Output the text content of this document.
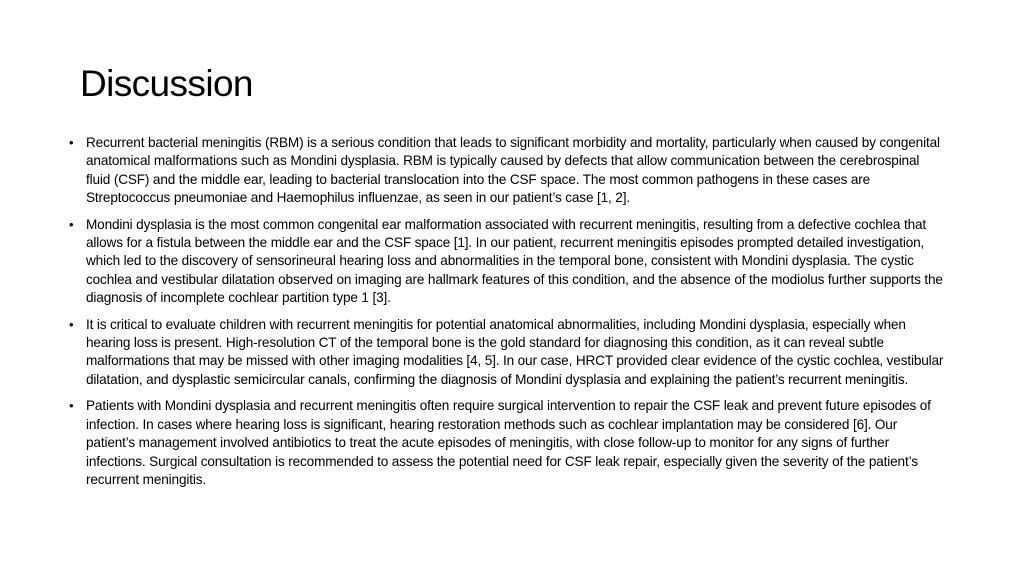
Discussion
• Recurrent bacterial meningitis (RBM) is a serious condition that leads to significant morbidity and mortality, particularly when caused by congenital anatomical malformations such as Mondini dysplasia. RBM is typically caused by defects that allow communication between the cerebrospinal fluid (CSF) and the middle ear, leading to bacterial translocation into the CSF space. The most common pathogens in these cases are Streptococcus pneumoniae and Haemophilus influenzae, as seen in our patient’s case [1, 2].
• Mondini dysplasia is the most common congenital ear malformation associated with recurrent meningitis, resulting from a defective cochlea that allows for a fistula between the middle ear and the CSF space [1]. In our patient, recurrent meningitis episodes prompted detailed investigation, which led to the discovery of sensorineural hearing loss and abnormalities in the temporal bone, consistent with Mondini dysplasia. The cystic cochlea and vestibular dilatation observed on imaging are hallmark features of this condition, and the absence of the modiolus further supports the diagnosis of incomplete cochlear partition type 1 [3].
• It is critical to evaluate children with recurrent meningitis for potential anatomical abnormalities, including Mondini dysplasia, especially when hearing loss is present. High-resolution CT of the temporal bone is the gold standard for diagnosing this condition, as it can reveal subtle malformations that may be missed with other imaging modalities [4, 5]. In our case, HRCT provided clear evidence of the cystic cochlea, vestibular dilatation, and dysplastic semicircular canals, confirming the diagnosis of Mondini dysplasia and explaining the patient’s recurrent meningitis.
• Patients with Mondini dysplasia and recurrent meningitis often require surgical intervention to repair the CSF leak and prevent future episodes of infection. In cases where hearing loss is significant, hearing restoration methods such as cochlear implantation may be considered [6]. Our patient’s management involved antibiotics to treat the acute episodes of meningitis, with close follow-up to monitor for any signs of further infections. Surgical consultation is recommended to assess the potential need for CSF leak repair, especially given the severity of the patient’s recurrent meningitis.
